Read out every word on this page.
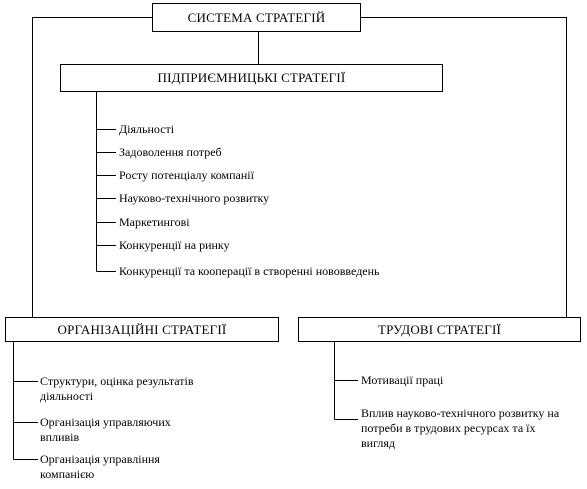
СИСТЕМА СТРАТЕГІЙ
ПІДПРИЄМНИЦЬКІ СТРАТЕГІЇ
Діяльності
Задоволення потреб
Росту потенціалу компанії
Науково-технічного розвитку
Маркетингові
Конкуренції на ринку
Конкуренції та кооперації в створенні нововведень
ОРГАНІЗАЦІЙНІ СТРАТЕГІЇ
Структури, оцінка результатів діяльності
Організація управляючих впливів
Організація управління компанією
ТРУДОВІ СТРАТЕГІЇ
Мотивації праці
Вплив науково-технічного розвитку на потреби в трудових ресурсах та їх вигляд
